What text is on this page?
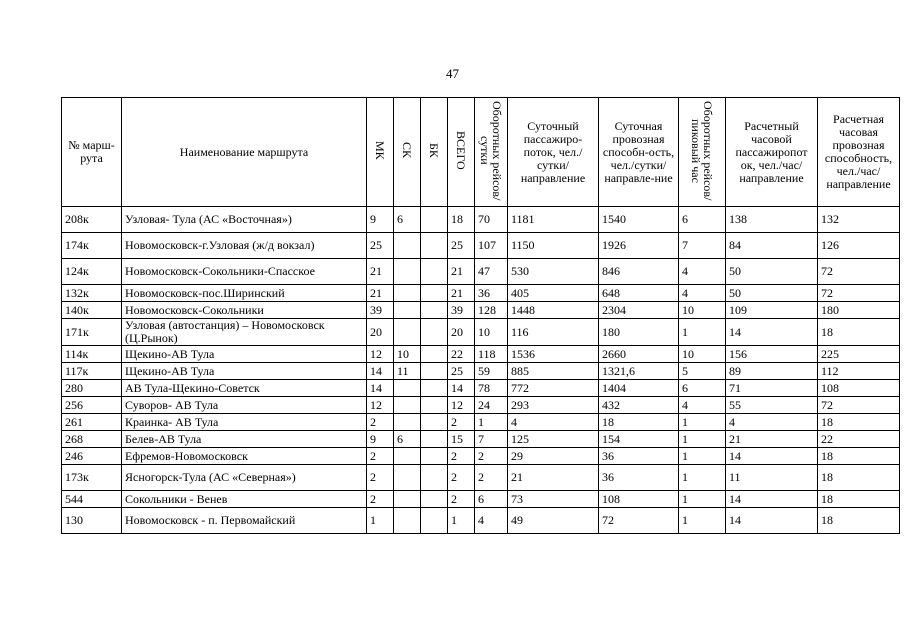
47
№ марш-рута	Наименование маршрута	МК	СК	БК	ВСЕГО	Оборотных рейсов/сутки	Суточный пассажиро-поток, чел./сутки/ направление	Суточная провозная способн-ость, чел./сутки/ направле-ние	Оборотных рейсов/ пиковый час	Расчетный часовой пассажиропот ок, чел./час/ направление	Расчетная часовая провозная способность, чел./час/ направление
208к	Узловая- Тула (АС «Восточная»)	9	6		18	70	1181	1540	6	138	132
174к	Новомосковск-г.Узловая (ж/д вокзал)	25			25	107	1150	1926	7	84	126
124к	Новомосковск-Сокольники-Спасское	21			21	47	530	846	4	50	72
132к	Новомосковск-пос.Ширинский	21			21	36	405	648	4	50	72
140к	Новомосковск-Сокольники	39			39	128	1448	2304	10	109	180
171к	Узловая (автостанция) – Новомосковск (Ц.Рынок)	20			20	10	116	180	1	14	18
114к	Щекино-АВ Тула	12	10		22	118	1536	2660	10	156	225
117к	Щекино-АВ Тула	14	11		25	59	885	1321,6	5	89	112
280	АВ Тула-Щекино-Советск	14			14	78	772	1404	6	71	108
256	Суворов- АВ Тула	12			12	24	293	432	4	55	72
261	Краинка- АВ Тула	2			2	1	4	18	1	4	18
268	Белев-АВ Тула	9	6		15	7	125	154	1	21	22
246	Ефремов-Новомосковск	2			2	2	29	36	1	14	18
173к	Ясногорск-Тула (АС «Северная»)	2			2	2	21	36	1	11	18
544	Сокольники - Венев	2			2	6	73	108	1	14	18
130	Новомосковск - п. Первомайский	1			1	4	49	72	1	14	18
